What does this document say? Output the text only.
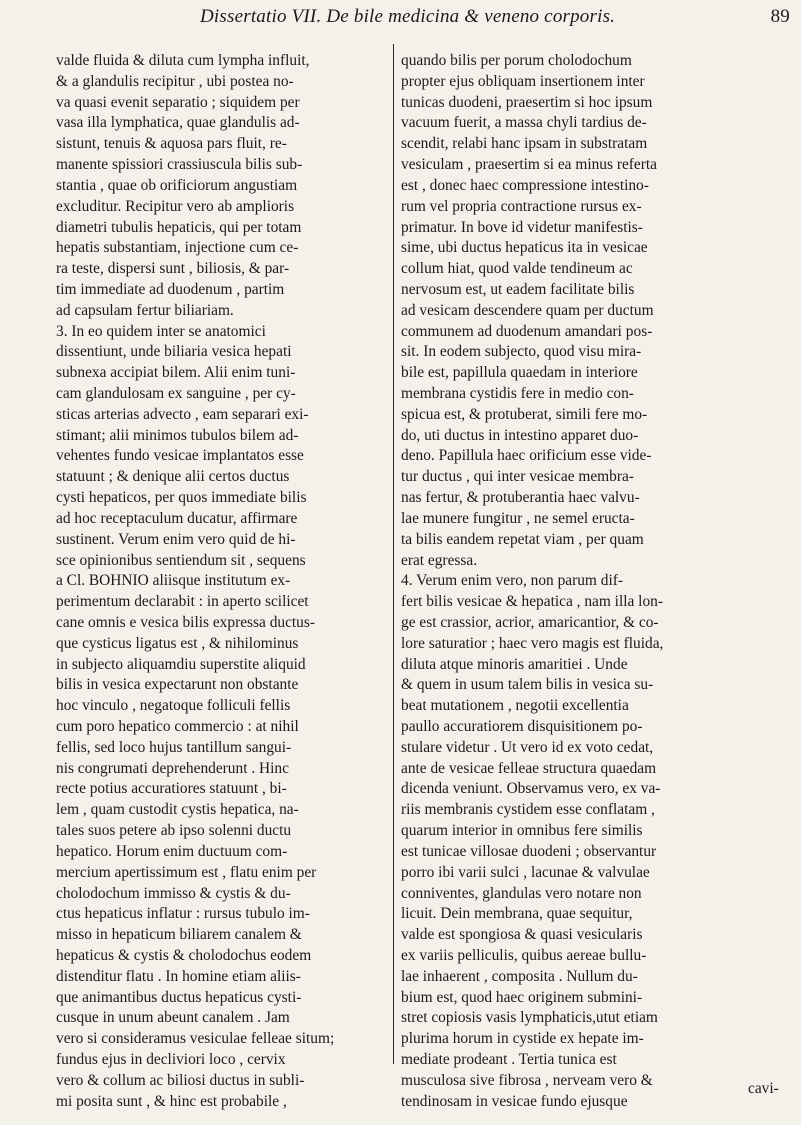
Dissertatio VII. De bile medicina & veneno corporis.	89
valde fluida & diluta cum lympha influit,
& a glandulis recipitur , ubi postea no-
va quasi evenit separatio ; siquidem per
vasa illa lymphatica, quae glandulis ad-
sistunt, tenuis & aquosa pars fluit, re-
manente spissiori crassiuscula bilis sub-
stantia , quae ob orificiorum angustiam
excluditur. Recipitur vero ab amplioris
diametri tubulis hepaticis, qui per totam
hepatis substantiam, injectione cum ce-
ra teste, dispersi sunt , biliosis, & par-
tim immediate ad duodenum , partim
ad capsulam fertur biliariam.
3. In eo quidem inter se anatomici
dissentiunt, unde biliaria vesica hepati
subnexa accipiat bilem. Alii enim tuni-
cam glandulosam ex sanguine , per cy-
sticas arterias advecto , eam separari exi-
stimant; alii minimos tubulos bilem ad-
vehentes fundo vesicae implantatos esse
statuunt ; & denique alii certos ductus
cysti hepaticos, per quos immediate bilis
ad hoc receptaculum ducatur, affirmare
sustinent. Verum enim vero quid de hi-
sce opinionibus sentiendum sit , sequens
a Cl. BOHNIO aliisque institutum ex-
perimentum declarabit : in aperto scilicet
cane omnis e vesica bilis expressa ductus-
que cysticus ligatus est , & nihilominus
in subjecto aliquamdiu superstite aliquid
bilis in vesica expectarunt non obstante
hoc vinculo , negatoque folliculi fellis
cum poro hepatico commercio : at nihil
fellis, sed loco hujus tantillum sangui-
nis congrumati deprehenderunt . Hinc
recte potius accuratiores statuunt , bi-
lem , quam custodit cystis hepatica, na-
tales suos petere ab ipso solenni ductu
hepatico. Horum enim ductuum com-
mercium apertissimum est , flatu enim per
cholodochum immisso & cystis & du-
ctus hepaticus inflatur : rursus tubulo im-
misso in hepaticum biliarem canalem &
hepaticus & cystis & cholodochus eodem
distenditur flatu . In homine etiam aliis-
que animantibus ductus hepaticus cysti-
cusque in unum abeunt canalem . Jam
vero si consideramus vesiculae felleae situm;
fundus ejus in decliviori loco , cervix
vero & collum ac biliosi ductus in subli-
mi posita sunt , & hinc est probabile ,
quando bilis per porum cholodochum
propter ejus obliquam insertionem inter
tunicas duodeni, praesertim si hoc ipsum
vacuum fuerit, a massa chyli tardius de-
scendit, relabi hanc ipsam in substratam
vesiculam , praesertim si ea minus referta
est , donec haec compressione intestino-
rum vel propria contractione rursus ex-
primatur. In bove id videtur manifestis-
sime, ubi ductus hepaticus ita in vesicae
collum hiat, quod valde tendineum ac
nervosum est, ut eadem facilitate bilis
ad vesicam descendere quam per ductum
communem ad duodenum amandari pos-
sit. In eodem subjecto, quod visu mira-
bile est, papillula quaedam in interiore
membrana cystidis fere in medio con-
spicua est, & protuberat, simili fere mo-
do, uti ductus in intestino apparet duo-
deno. Papillula haec orificium esse vide-
tur ductus , qui inter vesicae membra-
nas fertur, & protuberantia haec valvu-
lae munere fungitur , ne semel eructa-
ta bilis eandem repetat viam , per quam
erat egressa.
4. Verum enim vero, non parum dif-
fert bilis vesicae & hepatica , nam illa lon-
ge est crassior, acrior, amaricantior, & co-
lore saturatior ; haec vero magis est fluida,
diluta atque minoris amaritiei . Unde
& quem in usum talem bilis in vesica su-
beat mutationem , negotii excellentia
paullo accuratiorem disquisitionem po-
stulare videtur . Ut vero id ex voto cedat,
ante de vesicae felleae structura quaedam
dicenda veniunt. Observamus vero, ex va-
riis membranis cystidem esse conflatam ,
quarum interior in omnibus fere similis
est tunicae villosae duodeni ; observantur
porro ibi varii sulci , lacunae & valvulae
conniventes, glandulas vero notare non
licuit. Dein membrana, quae sequitur,
valde est spongiosa & quasi vesicularis
ex variis pelliculis, quibus aereae bullu-
lae inhaerent , composita . Nullum du-
bium est, quod haec originem submini-
stret copiosis vasis lymphaticis,utut etiam
plurima horum in cystide ex hepate im-
mediate prodeant . Tertia tunica est
musculosa sive fibrosa , nerveam vero &
tendinosam in vesicae fundo ejusque
cavi-
